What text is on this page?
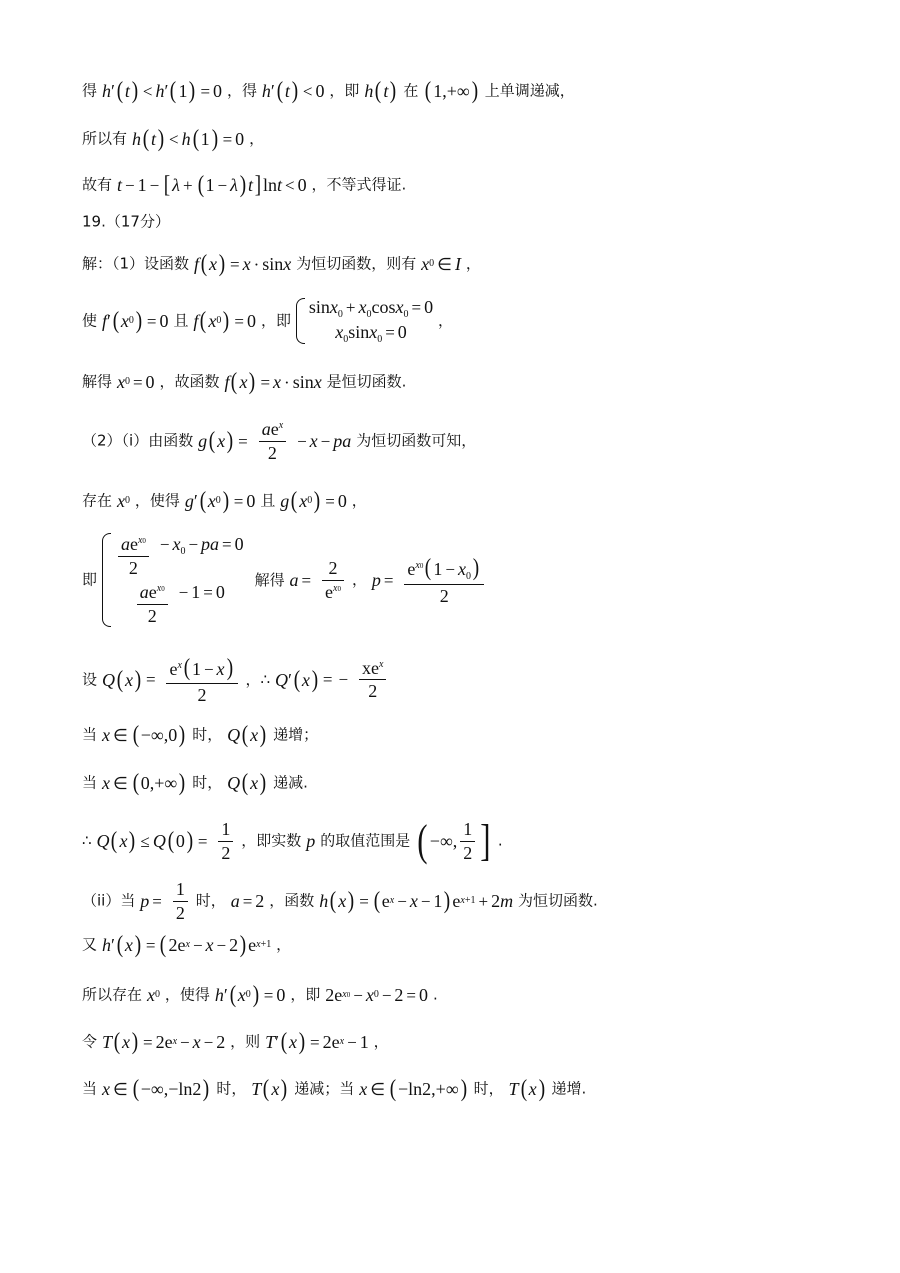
得 h′( t) < h′(1) = 0 ，得 h′(t) < 0 ，即 h( t) 在 ( 1,+∞) 上单调递减，
所以有 h( t) < h(1) = 0 ，
故有 t − 1 − [λ + (1 − λ) t]lnt < 0 ，不等式得证.
19.（17分）
解：（1）设函数 f(x) = x · sinx 为恒切函数，则有 x0 ∈ I ，
使 f′( x0) = 0 且 f(x0) = 0 ，即
$\sin x_0 + x_0\cos x_0 = 0$
$x_0\sin x_0 = 0$
，
解得 x0 = 0 ，故函数 f( x) = x · sinx 是恒切函数.
（2）（i）由函数 g( $x) = \frac{ae^x}{2} - x$ − pa 为恒切函数可知，
存在 x0 ，使得 g′(x0) = 0 且 g(x0) = 0 ，
即
$\frac{ae^{x0}}{2} - x_0$ − pa = 0
$\frac{ae^{x0}}{2} - 1 = 0$
解得 $a = \frac{2}{e^{x0}}$ ， $p = \frac{e^{x0}(1 - x_0)}{2}$
设 Q( $x) = \frac{e^x( 1 - x)}{2}$ ，∴ Q′(x) = − $\frac{xe^x}{2}$
当 x ∈ ( −∞,0) 时， Q( x) 递增；
当 x ∈ ( 0,+∞) 时， Q( x) 递减.
∴ Q( $x) \le Q(0) = \frac{1}{2}$ ，即实数 p 的取值范围是 ( −∞, $\frac{1}{2}$ ] .
（ii）当 $p = \frac{1}{2}$ 时， a = 2 ，函数 h(x) = ( ex − x − 1) ex+1 + 2m 为恒切函数.
又 h′( x) = (2ex − x − 2) ex+1 ，
所以存在 x0 ，使得 h′( x0) = 0 ，即 2ex0 − x0 − 2 = 0 .
令 T( x) = 2ex − x − 2 ，则 T′(x) = 2ex − 1 ，
当 x ∈ ( −∞,−ln2) 时， T(x) 递减；当 x ∈ ( −ln2,+∞) 时， T( x) 递增.
